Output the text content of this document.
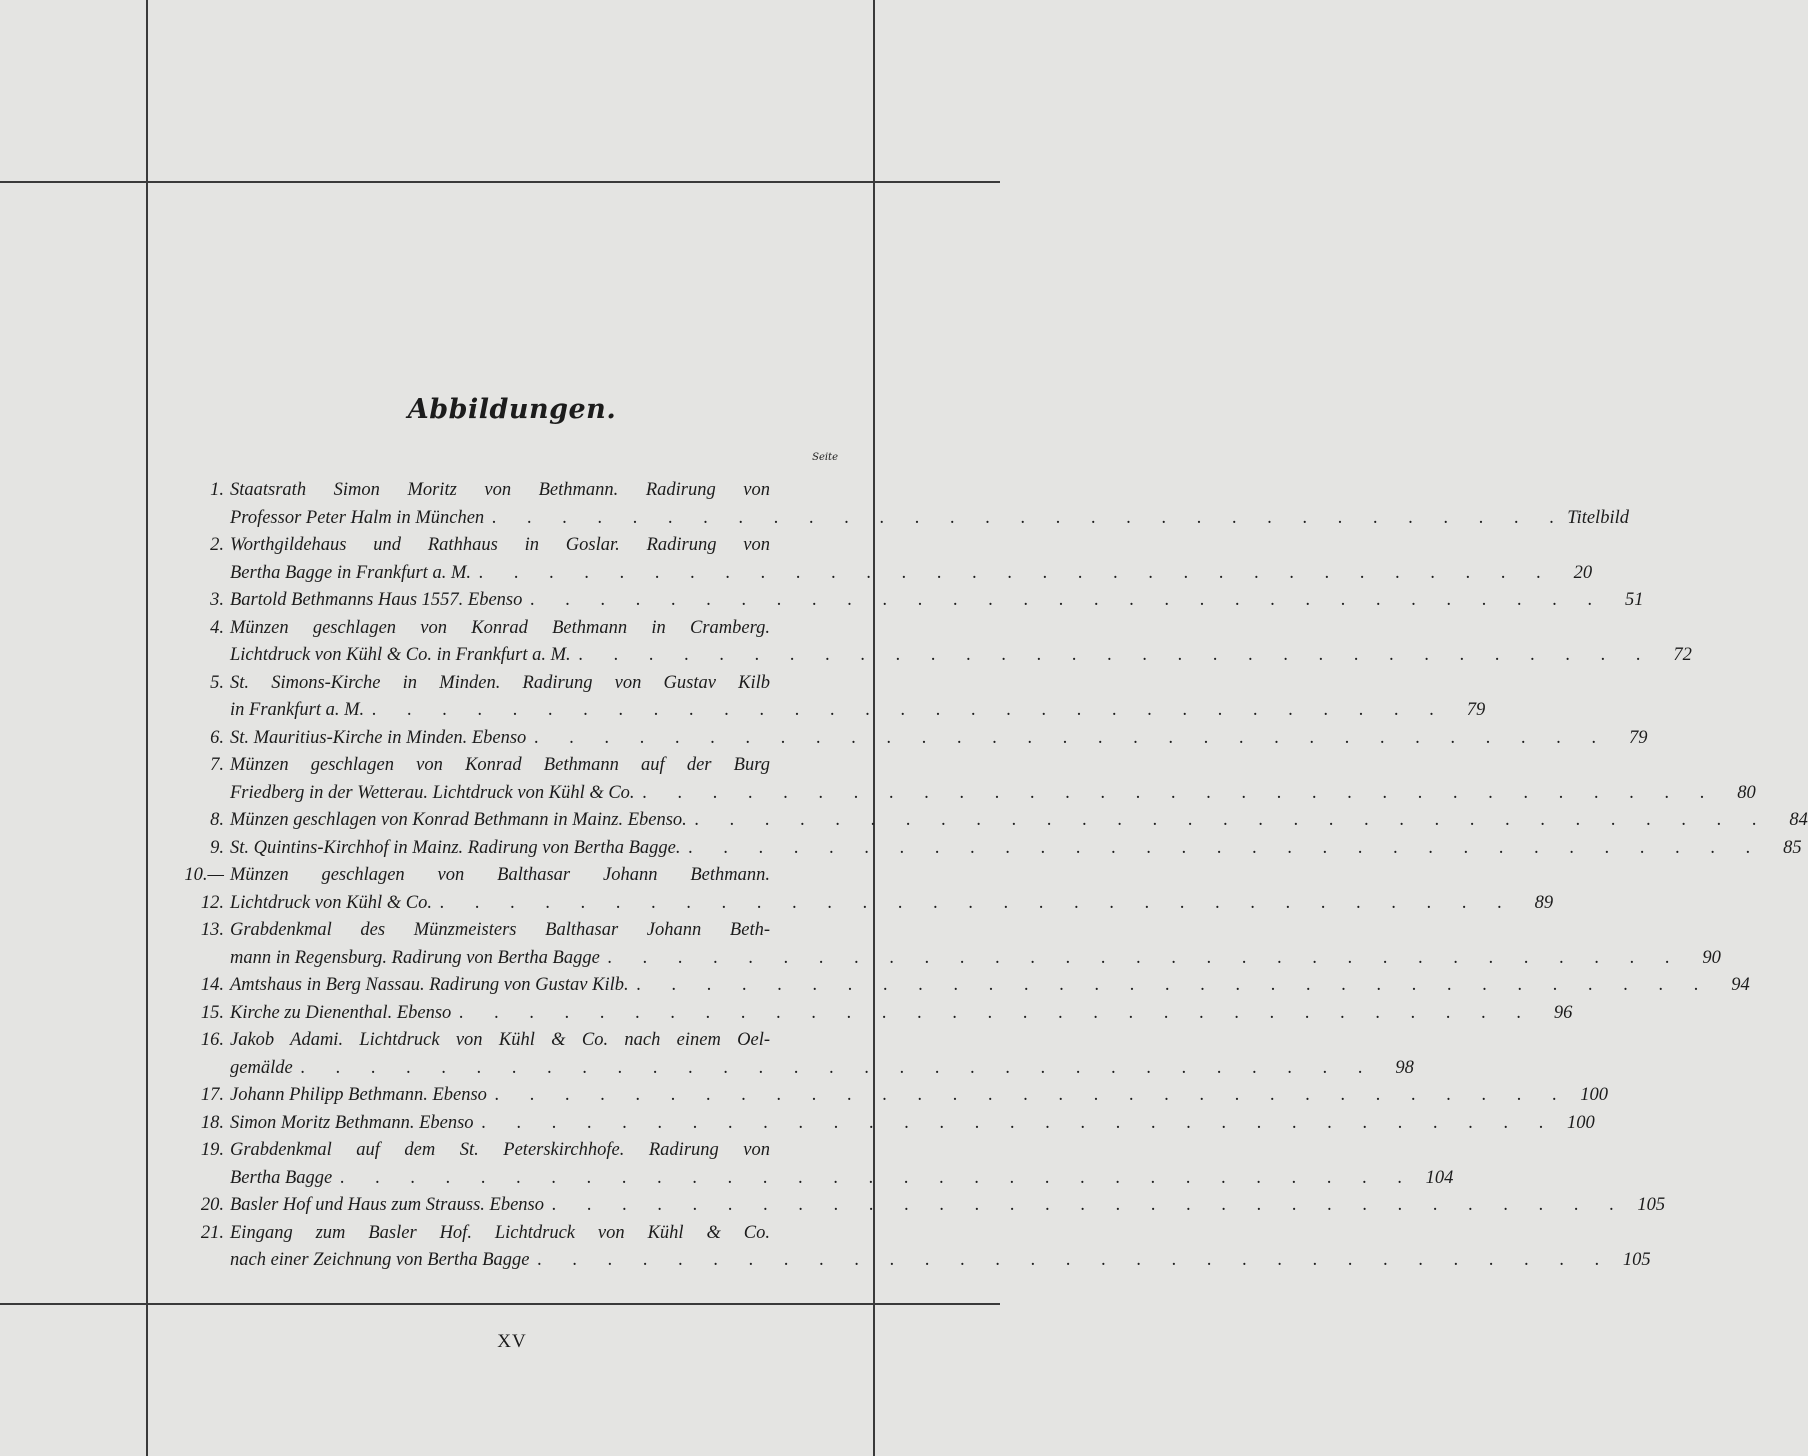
Abbildungen.
Seite
1. Staatsrath Simon Moritz von Bethmann. Radirung von
Professor Peter Halm in München . . . . . . . . . . . . . . . . . . . . . . . . . . . . . . . Titelbild
2. Worthgildehaus und Rathhaus in Goslar. Radirung von
Bertha Bagge in Frankfurt a. M. . . . . . . . . . . . . . . . . . . . . . . . . . . . . . . .	20
3. Bartold Bethmanns Haus 1557. Ebenso . . . . . . . . . . . . . . . . . . . . . . . . . . . . . . .	51
4. Münzen geschlagen von Konrad Bethmann in Cramberg.
Lichtdruck von Kühl & Co. in Frankfurt a. M. . . . . . . . . . . . . . . . . . . . . . . . . . . . . . . .	72
5. St. Simons-Kirche in Minden. Radirung von Gustav Kilb
in Frankfurt a. M. . . . . . . . . . . . . . . . . . . . . . . . . . . . . . . .	79
6. St. Mauritius-Kirche in Minden. Ebenso . . . . . . . . . . . . . . . . . . . . . . . . . . . . . . .	79
7. Münzen geschlagen von Konrad Bethmann auf der Burg
Friedberg in der Wetterau. Lichtdruck von Kühl & Co. . . . . . . . . . . . . . . . . . . . . . . . . . . . . . . .	80
8. Münzen geschlagen von Konrad Bethmann in Mainz. Ebenso. . . . . . . . . . . . . . . . . . . . . . . . . . . . . . . .	84
9. St. Quintins-Kirchhof in Mainz. Radirung von Bertha Bagge. . . . . . . . . . . . . . . . . . . . . . . . . . . . . . . .	85
10.—12.
Münzen geschlagen von Balthasar Johann Bethmann.
Lichtdruck von Kühl & Co. . . . . . . . . . . . . . . . . . . . . . . . . . . . . . . .	89
13. Grabdenkmal des Münzmeisters Balthasar Johann Beth-
mann in Regensburg. Radirung von Bertha Bagge . . . . . . . . . . . . . . . . . . . . . . . . . . . . . . .	90
14. Amtshaus in Berg Nassau. Radirung von Gustav Kilb. . . . . . . . . . . . . . . . . . . . . . . . . . . . . . . .	94
15. Kirche zu Dienenthal. Ebenso . . . . . . . . . . . . . . . . . . . . . . . . . . . . . . .	96
16. Jakob Adami. Lichtdruck von Kühl & Co. nach einem Oel-
gemälde . . . . . . . . . . . . . . . . . . . . . . . . . . . . . . .	98
17. Johann Philipp Bethmann. Ebenso . . . . . . . . . . . . . . . . . . . . . . . . . . . . . . . 100
18. Simon Moritz Bethmann. Ebenso . . . . . . . . . . . . . . . . . . . . . . . . . . . . . . . 100
19. Grabdenkmal auf dem St. Peterskirchhofe. Radirung von
Bertha Bagge . . . . . . . . . . . . . . . . . . . . . . . . . . . . . . . 104
20. Basler Hof und Haus zum Strauss. Ebenso . . . . . . . . . . . . . . . . . . . . . . . . . . . . . . . 105
21. Eingang zum Basler Hof. Lichtdruck von Kühl & Co.
nach einer Zeichnung von Bertha Bagge . . . . . . . . . . . . . . . . . . . . . . . . . . . . . . . 105
XV
